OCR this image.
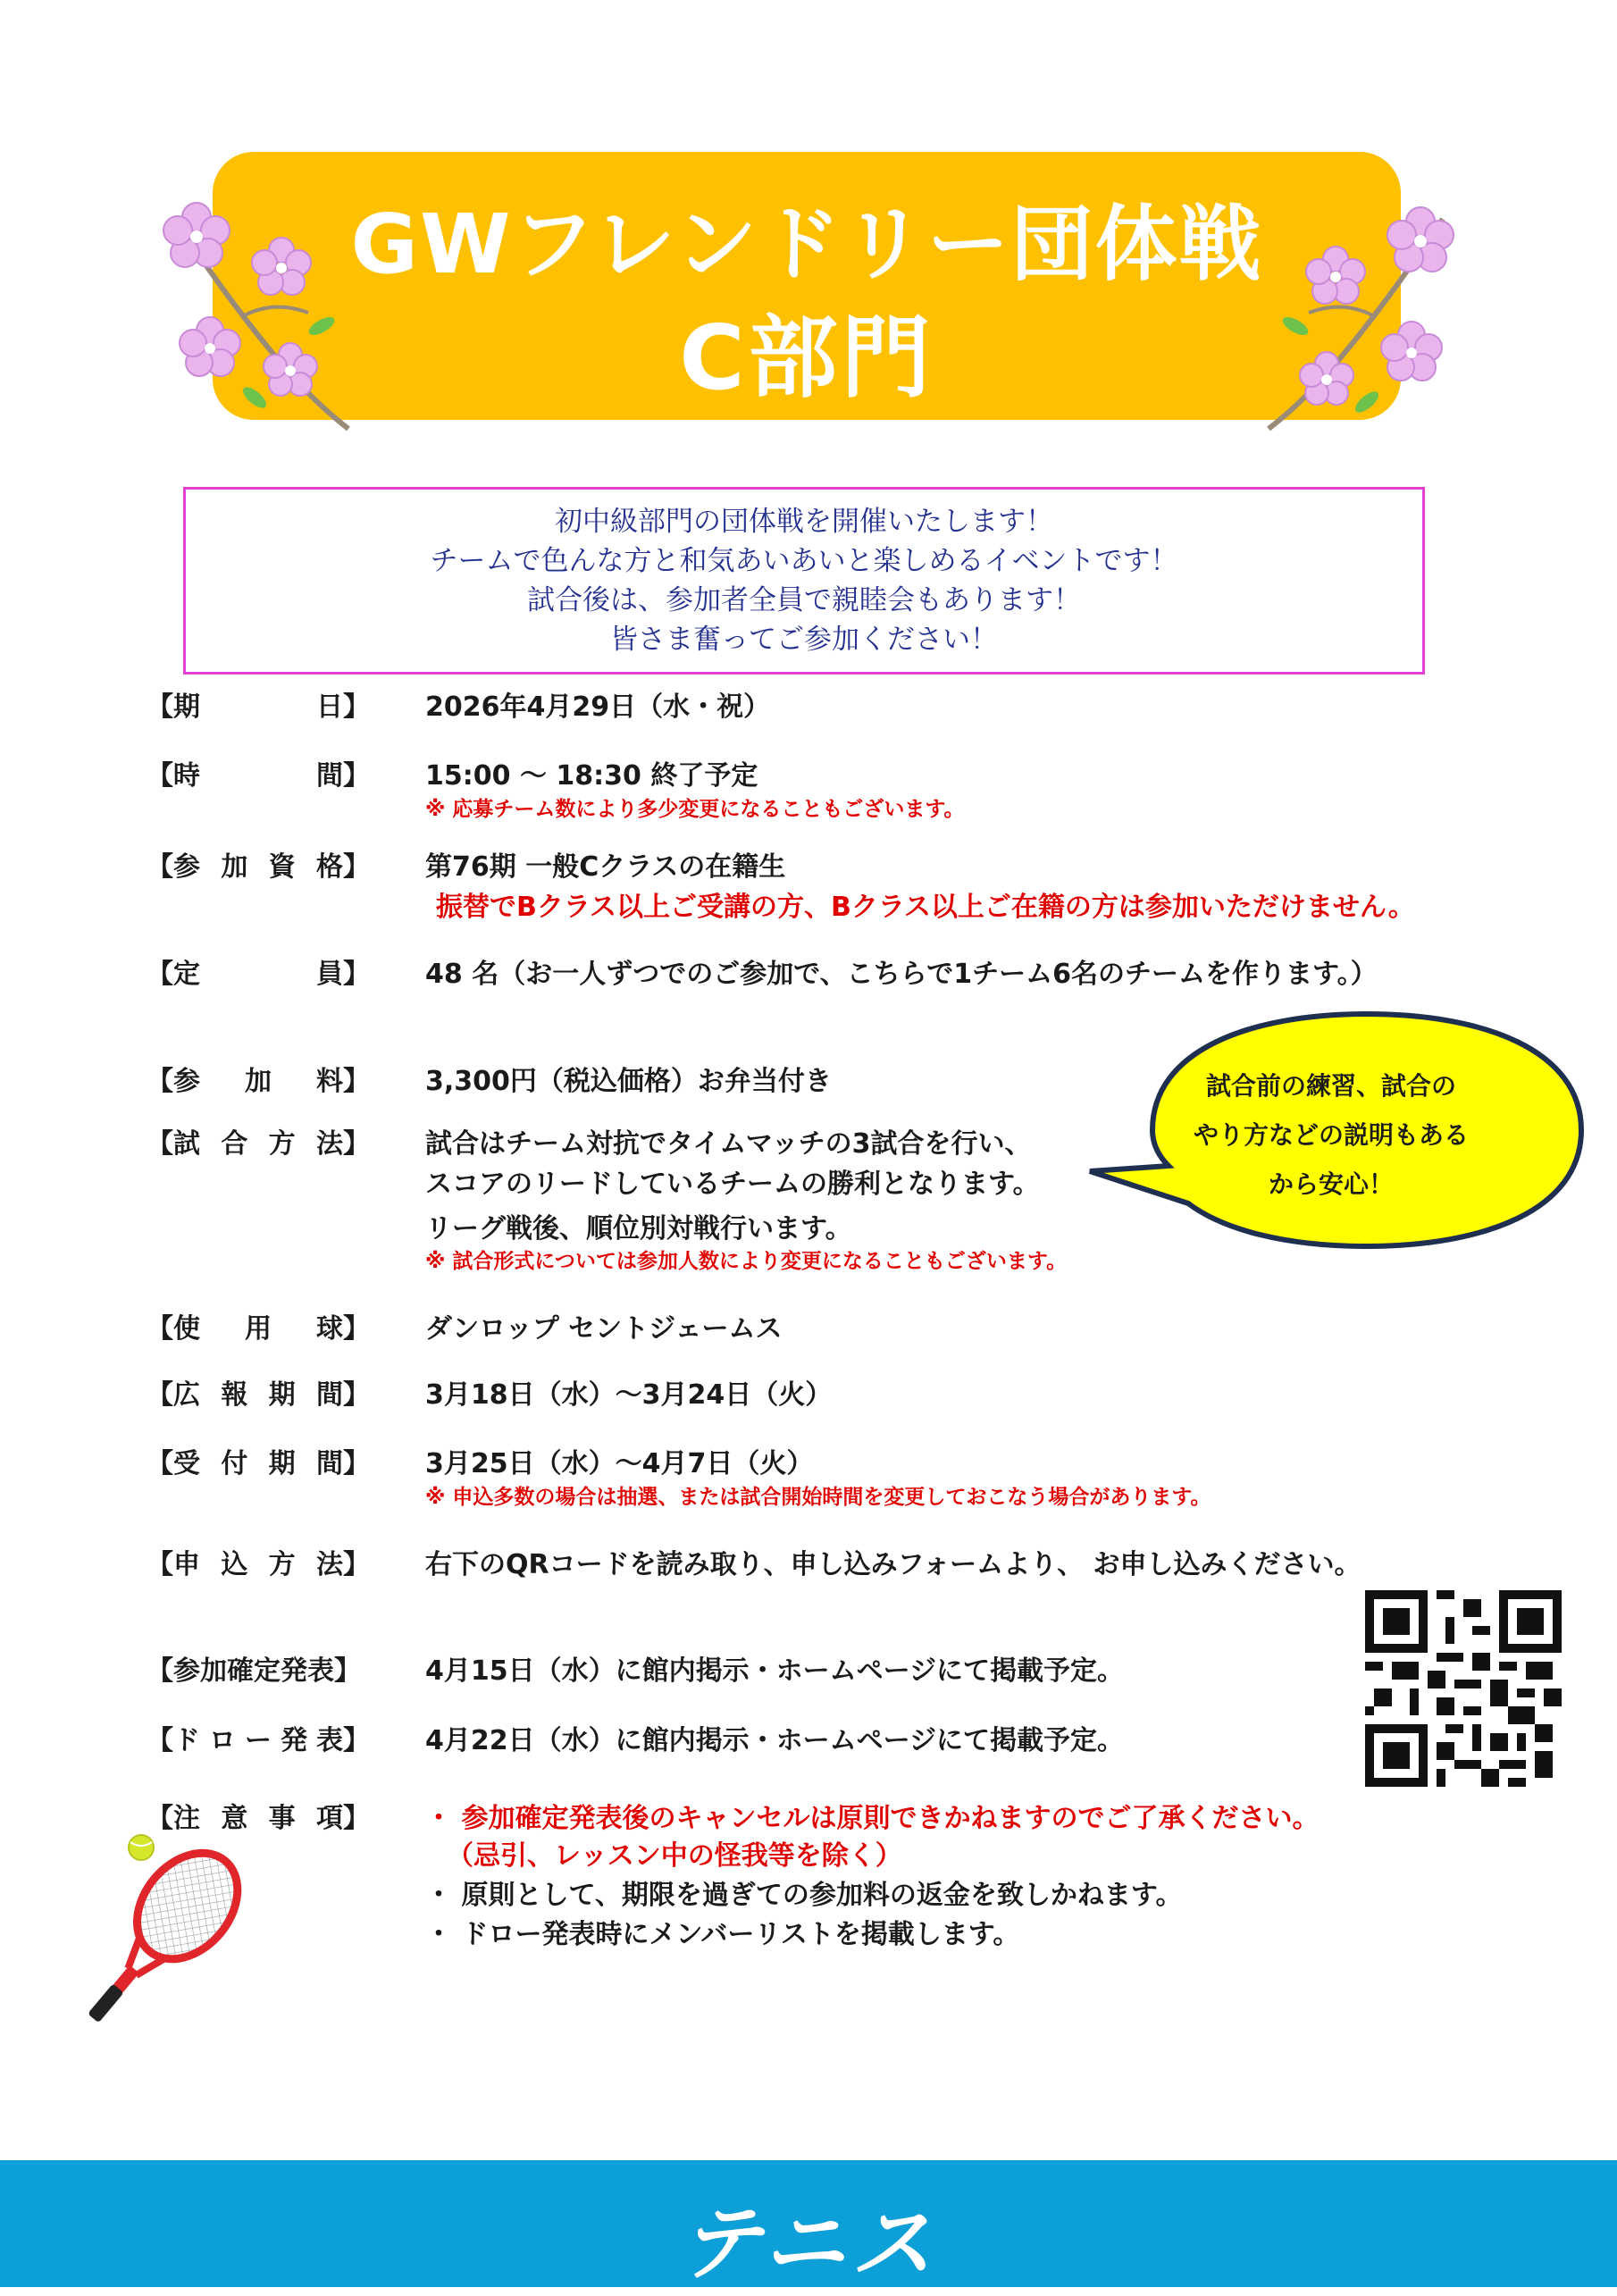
GWフレンドリー団体戦
C部門
初中級部門の団体戦を開催いたします！
チームで色んな方と和気あいあいと楽しめるイベントです！
試合後は、参加者全員で親睦会もあります！
皆さま奮ってご参加ください！
【期	日】 2026年4月29日（水・祝）
【時	間】 15:00 ～ 18:30 終了予定
※ 応募チーム数により多少変更になることもございます。
【参 加 資 格】 第76期 一般Cクラスの在籍生
振替でBクラス以上ご受講の方、Bクラス以上ご在籍の方は参加いただけません。
【定	員】 48 名（お一人ずつでのご参加で、こちらで1チーム6名のチームを作ります。）
【参 加 料】 3,300円（税込価格）お弁当付き
【試 合 方 法】 試合はチーム対抗でタイムマッチの3試合を行い、
スコアのリードしているチームの勝利となります。
リーグ戦後、順位別対戦行います。
※ 試合形式については参加人数により変更になることもございます。
【使 用 球】 ダンロップ セントジェームス
【広 報 期 間】 3月18日（水）～3月24日（火）
【受 付 期 間】 3月25日（水）～4月7日（火）
※ 申込多数の場合は抽選、または試合開始時間を変更しておこなう場合があります。
【申 込 方 法】 右下のQRコードを読み取り、申し込みフォームより、 お申し込みください。
【参加確定発表】 4月15日（水）に館内掲示・ホームページにて掲載予定。
【ド ロ ー 発 表】 4月22日（水）に館内掲示・ホームページにて掲載予定。
【注 意 事 項】 ・ 参加確定発表後のキャンセルは原則できかねますのでご了承ください。
（忌引、レッスン中の怪我等を除く）
・ 原則として、期限を過ぎての参加料の返金を致しかねます。
・ ドロー発表時にメンバーリストを掲載します。
試合前の練習、試合の
やり方などの説明もある
から安心！
テニス
